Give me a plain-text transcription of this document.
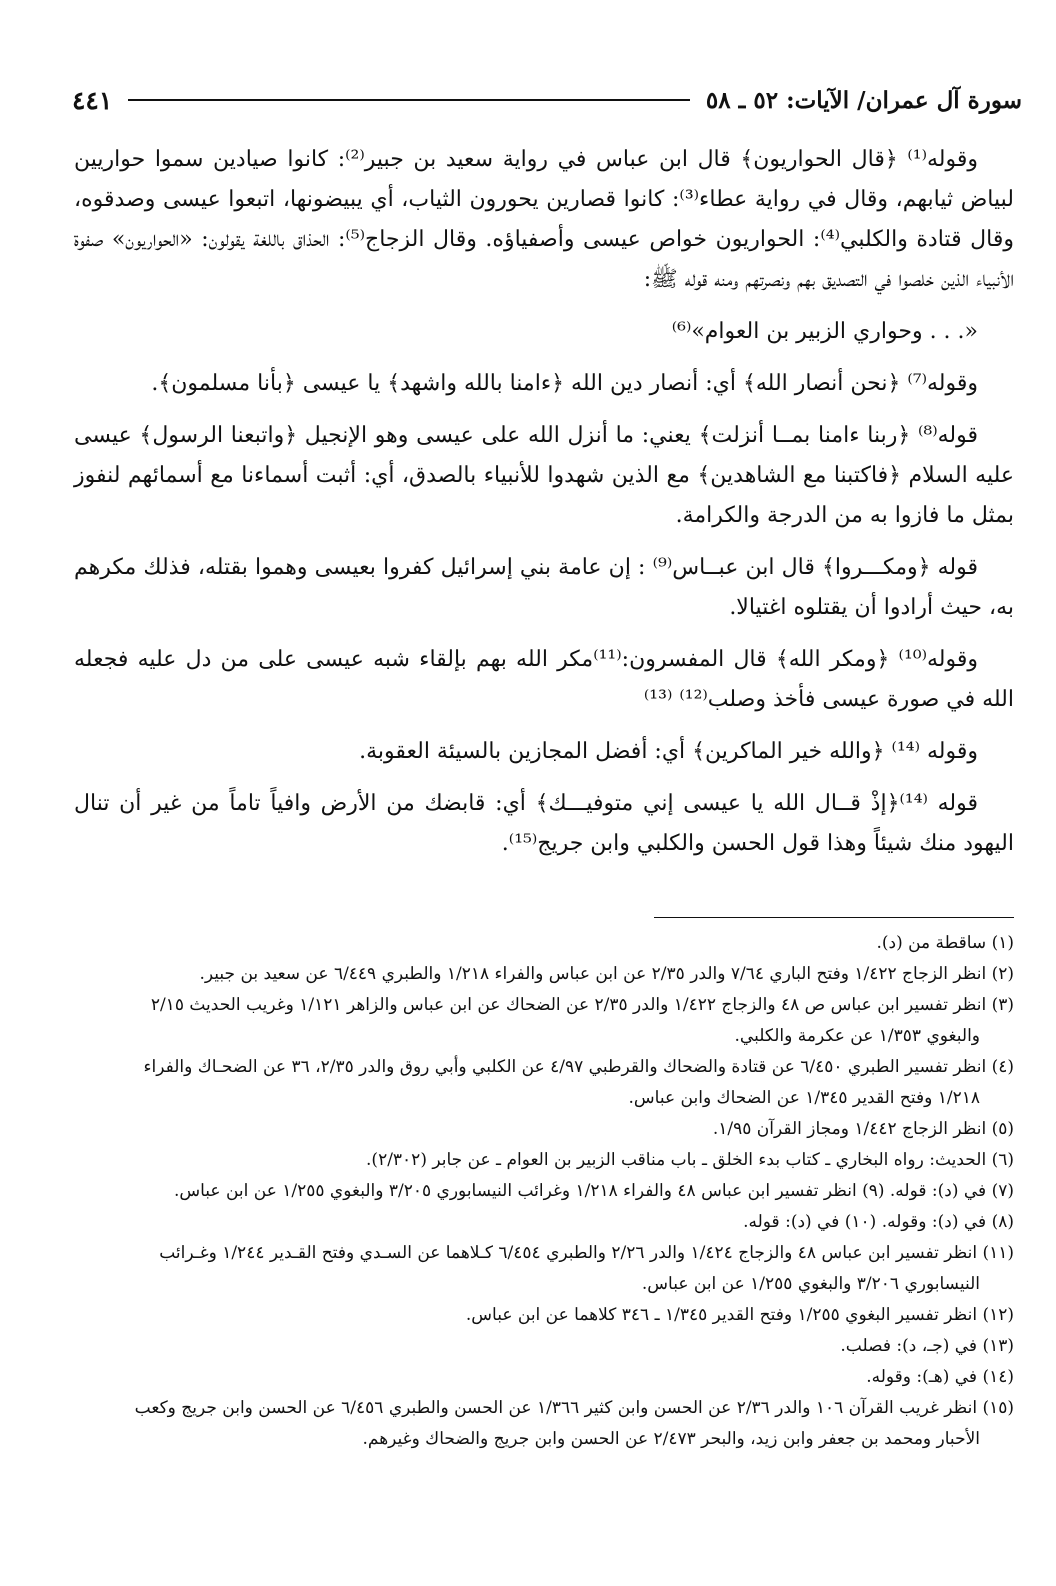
سورة آل عمران/ الآيات: ٥٢ ـ ٥٨
٤٤١

وقوله⁽¹⁾ ﴿قال الحواريون﴾ قال ابن عباس في رواية سعيد بن جبير⁽²⁾: كانوا صيادين سموا حواريين لبياض ثيابهم، وقال في رواية عطاء⁽³⁾: كانوا قصارين يحورون الثياب، أي يبيضونها، اتبعوا عيسى وصدقوه، وقال قتادة والكلبي⁽⁴⁾: الحواريون خواص عيسى وأصفياؤه. وقال الزجاج⁽⁵⁾: الحذاق باللغة يقولون: «الحواريون» صفوة الأنبياء الذين خلصوا في التصديق بهم ونصرتهم ومنه قوله ﷺ:

«. . . وحواري الزبير بن العوام»⁽⁶⁾

وقوله⁽⁷⁾ ﴿نحن أنصار الله﴾ أي: أنصار دين الله ﴿ءامنا بالله واشهد﴾ يا عيسى ﴿بأنا مسلمون﴾.

قوله⁽⁸⁾ ﴿ربنا ءامنا بمــا أنزلت﴾ يعني: ما أنزل الله على عيسى وهو الإنجيل ﴿واتبعنا الرسول﴾ عيسى عليه السلام ﴿فاكتبنا مع الشاهدين﴾ مع الذين شهدوا للأنبياء بالصدق، أي: أثبت أسماءنا مع أسمائهم لنفوز بمثل ما فازوا به من الدرجة والكرامة.

قوله ﴿ومكـــروا﴾ قال ابن عبــاس⁽⁹⁾ : إن عامة بني إسرائيل كفروا بعيسى وهموا بقتله، فذلك مكرهم به، حيث أرادوا أن يقتلوه اغتيالا.

وقوله⁽¹⁰⁾ ﴿ومكر الله﴾ قال المفسرون:⁽¹¹⁾مكر الله بهم بإلقاء شبه عيسى على من دل عليه فجعله الله في صورة عيسى فأخذ وصلب⁽¹²⁾ ⁽¹³⁾

وقوله ⁽¹⁴⁾ ﴿والله خير الماكرين﴾ أي: أفضل المجازين بالسيئة العقوبة.

قوله ⁽¹⁴⁾﴿إذْ قــال الله يا عيسى إني متوفيـــك﴾ أي: قابضك من الأرض وافياً تاماً من غير أن تنال اليهود منك شيئاً وهذا قول الحسن والكلبي وابن جريج⁽¹⁵⁾.

(١) ساقطة من (د).

(٢) انظر الزجاج ١/٤٢٢ وفتح الباري ٧/٦٤ والدر ٢/٣٥ عن ابن عباس والفراء ١/٢١٨ والطبري ٦/٤٤٩ عن سعيد بن جبير.

(٣) انظر تفسير ابن عباس ص ٤٨ والزجاج ١/٤٢٢ والدر ٢/٣٥ عن الضحاك عن ابن عباس والزاهر ١/١٢١ وغريب الحديث ٢/١٥

والبغوي ١/٣٥٣ عن عكرمة والكلبي.

(٤) انظر تفسير الطبري ٦/٤٥٠ عن قتادة والضحاك والقرطبي ٤/٩٧ عن الكلبي وأبي روق والدر ٢/٣٥، ٣٦ عن الضحـاك والفراء

١/٢١٨ وفتح القدير ١/٣٤٥ عن الضحاك وابن عباس.

(٥) انظر الزجاج ١/٤٤٢ ومجاز القرآن ١/٩٥.

(٦) الحديث: رواه البخاري ـ كتاب بدء الخلق ـ باب مناقب الزبير بن العوام ـ عن جابر (٢/٣٠٢).

(٧) في (د): قوله. (٩) انظر تفسير ابن عباس ٤٨ والفراء ١/٢١٨ وغرائب النيسابوري ٣/٢٠٥ والبغوي ١/٢٥٥ عن ابن عباس.

(٨) في (د): وقوله. (١٠) في (د): قوله.

(١١) انظر تفسير ابن عباس ٤٨ والزجاج ١/٤٢٤ والدر ٢/٢٦ والطبري ٦/٤٥٤ كـلاهما عن السـدي وفتح القـدير ١/٢٤٤ وغـرائب

النيسابوري ٣/٢٠٦ والبغوي ١/٢٥٥ عن ابن عباس.

(١٢) انظر تفسير البغوي ١/٢٥٥ وفتح القدير ١/٣٤٥ ـ ٣٤٦ كلاهما عن ابن عباس.

(١٣) في (جـ، د): فصلب.

(١٤) في (هـ): وقوله.

(١٥) انظر غريب القرآن ١٠٦ والدر ٢/٣٦ عن الحسن وابن كثير ١/٣٦٦ عن الحسن والطبري ٦/٤٥٦ عن الحسن وابن جريج وكعب

الأحبار ومحمد بن جعفر وابن زيد، والبحر ٢/٤٧٣ عن الحسن وابن جريج والضحاك وغيرهم.
